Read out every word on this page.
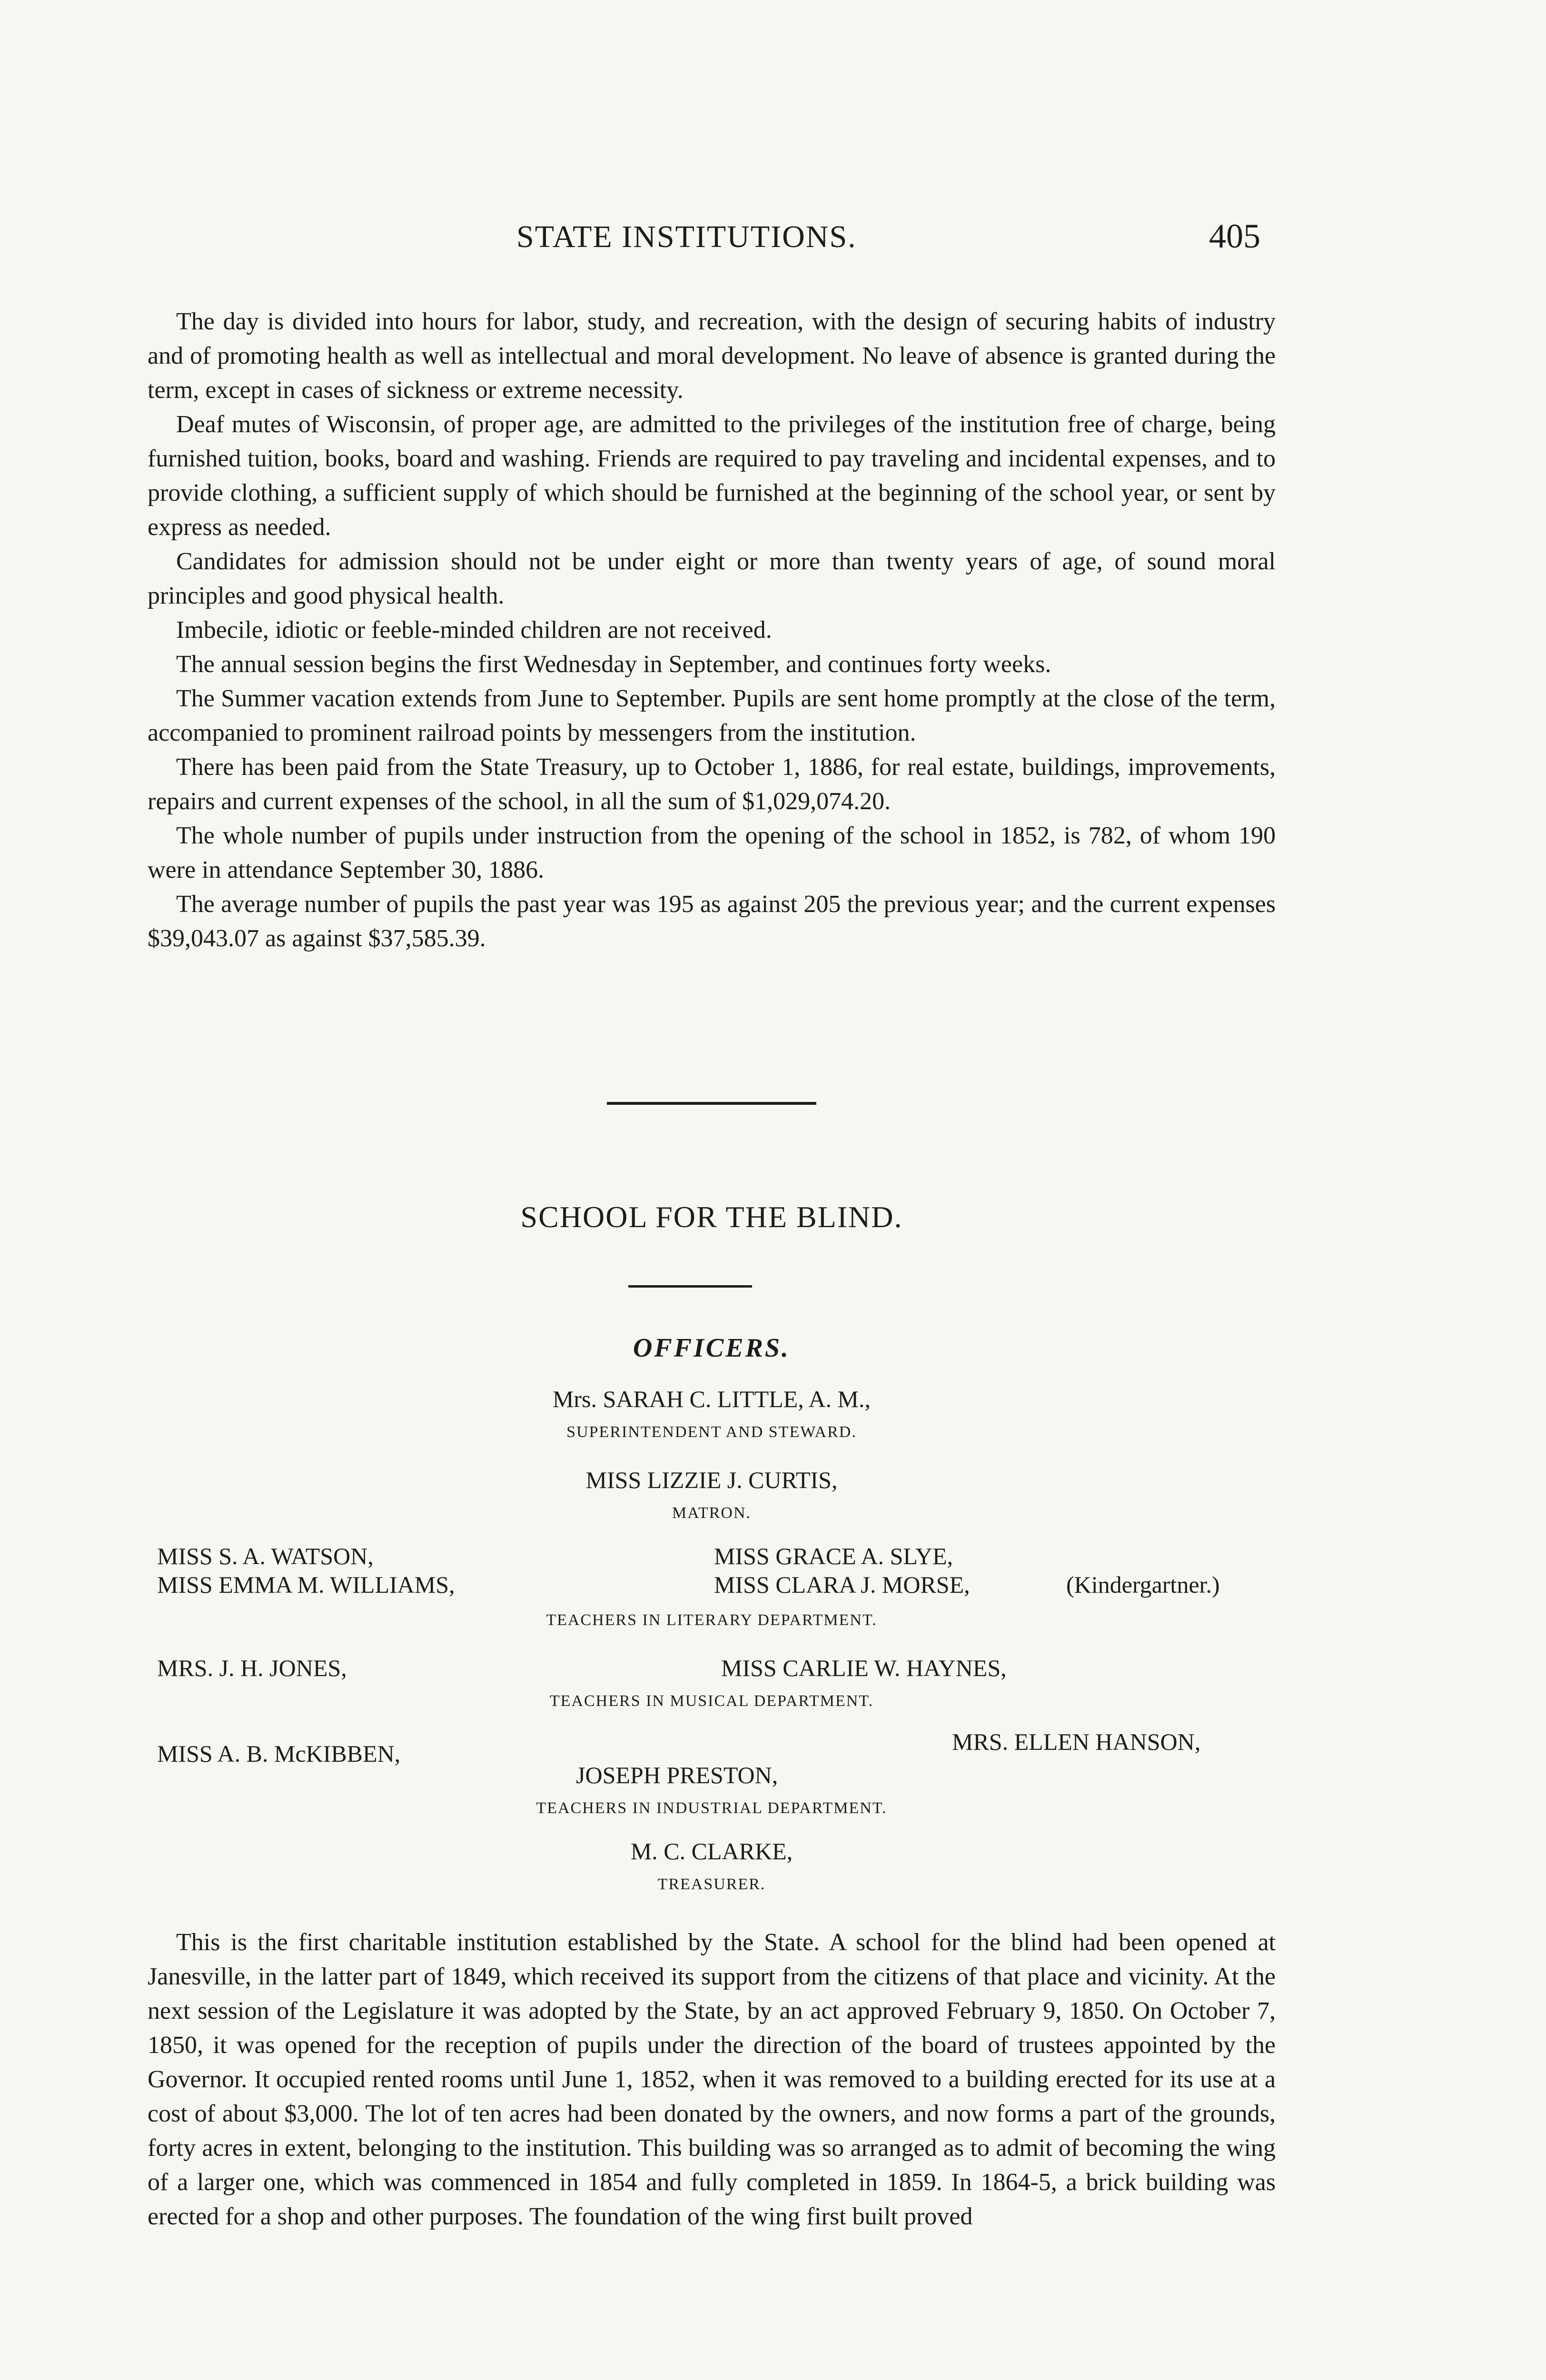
STATE INSTITUTIONS.	405

The day is divided into hours for labor, study, and recreation, with the design of securing habits of industry and of promoting health as well as intellectual and moral development. No leave of absence is granted during the term, except in cases of sickness or extreme necessity.

Deaf mutes of Wisconsin, of proper age, are admitted to the privileges of the institution free of charge, being furnished tuition, books, board and washing. Friends are required to pay traveling and incidental expenses, and to provide clothing, a sufficient supply of which should be furnished at the beginning of the school year, or sent by express as needed.

Candidates for admission should not be under eight or more than twenty years of age, of sound moral principles and good physical health.

Imbecile, idiotic or feeble-minded children are not received.

The annual session begins the first Wednesday in September, and continues forty weeks.

The Summer vacation extends from June to September. Pupils are sent home promptly at the close of the term, accompanied to prominent railroad points by messengers from the institution.

There has been paid from the State Treasury, up to October 1, 1886, for real estate, buildings, improvements, repairs and current expenses of the school, in all the sum of $1,029,074.20.

The whole number of pupils under instruction from the opening of the school in 1852, is 782, of whom 190 were in attendance September 30, 1886.

The average number of pupils the past year was 195 as against 205 the previous year; and the current expenses $39,043.07 as against $37,585.39.

SCHOOL FOR THE BLIND.
OFFICERS.
Mrs. SARAH C. LITTLE, A. M.,
SUPERINTENDENT AND STEWARD.
MISS LIZZIE J. CURTIS,
MATRON.
MISS S. A. WATSON,
MISS EMMA M. WILLIAMS,
MISS GRACE A. SLYE,
MISS CLARA J. MORSE,	(Kindergartner.)
TEACHERS IN LITERARY DEPARTMENT.
MRS. J. H. JONES,	MISS CARLIE W. HAYNES,
TEACHERS IN MUSICAL DEPARTMENT.
MISS A. B. McKIBBEN,
JOSEPH PRESTON,
MRS. ELLEN HANSON,
TEACHERS IN INDUSTRIAL DEPARTMENT.
M. C. CLARKE,
TREASURER.

This is the first charitable institution established by the State. A school for the blind had been opened at Janesville, in the latter part of 1849, which received its support from the citizens of that place and vicinity. At the next session of the Legislature it was adopted by the State, by an act approved February 9, 1850. On October 7, 1850, it was opened for the reception of pupils under the direction of the board of trustees appointed by the Governor. It occupied rented rooms until June 1, 1852, when it was removed to a building erected for its use at a cost of about $3,000. The lot of ten acres had been donated by the owners, and now forms a part of the grounds, forty acres in extent, belonging to the institution. This building was so arranged as to admit of becoming the wing of a larger one, which was commenced in 1854 and fully completed in 1859. In 1864-5, a brick building was erected for a shop and other purposes. The foundation of the wing first built proved
